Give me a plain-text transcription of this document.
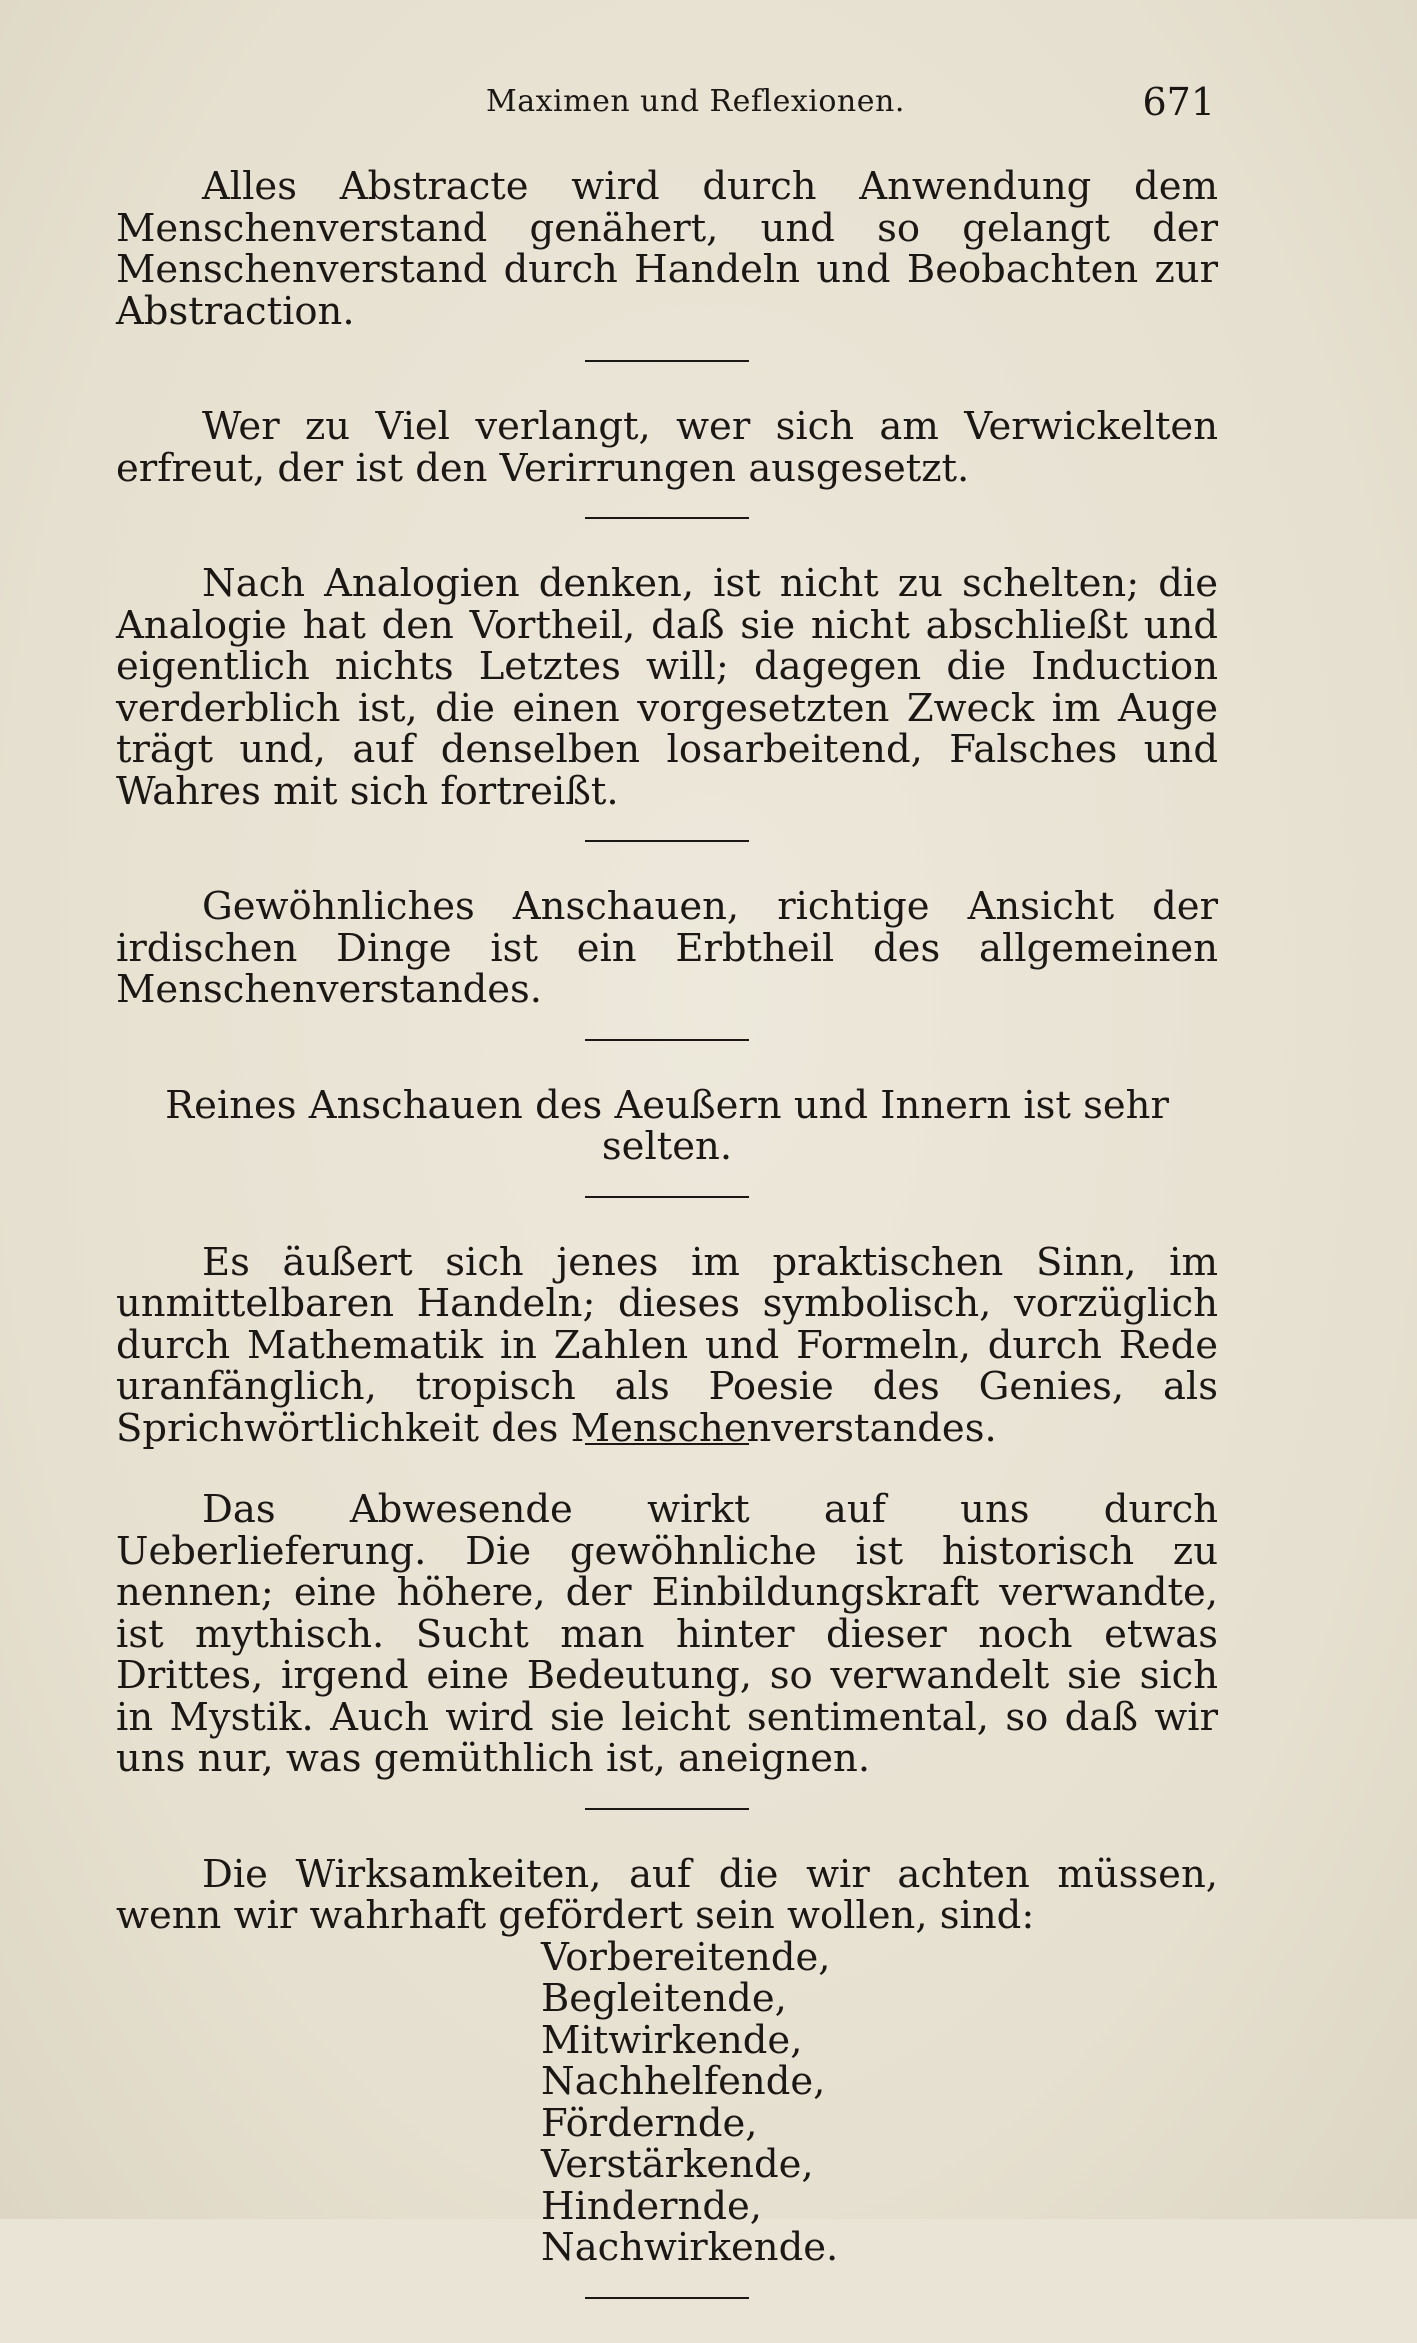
Maximen und Reflexionen.	671

Alles Abstracte wird durch Anwendung dem Menschenverstand genähert, und so gelangt der Menschenverstand durch Handeln und Beobachten zur Abstraction.

Wer zu Viel verlangt, wer sich am Verwickelten erfreut, der ist den Verirrungen ausgesetzt.

Nach Analogien denken, ist nicht zu schelten; die Analogie hat den Vortheil, daß sie nicht abschließt und eigentlich nichts Letztes will; dagegen die Induction verderblich ist, die einen vorgesetzten Zweck im Auge trägt und, auf denselben losarbeitend, Falsches und Wahres mit sich fortreißt.

Gewöhnliches Anschauen, richtige Ansicht der irdischen Dinge ist ein Erbtheil des allgemeinen Menschenverstandes.

Reines Anschauen des Aeußern und Innern ist sehr selten.

Es äußert sich jenes im praktischen Sinn, im unmittelbaren Handeln; dieses symbolisch, vorzüglich durch Mathematik in Zahlen und Formeln, durch Rede uranfänglich, tropisch als Poesie des Genies, als Sprichwörtlichkeit des Menschenverstandes.

Das Abwesende wirkt auf uns durch Ueberlieferung. Die gewöhnliche ist historisch zu nennen; eine höhere, der Einbildungskraft verwandte, ist mythisch. Sucht man hinter dieser noch etwas Drittes, irgend eine Bedeutung, so verwandelt sie sich in Mystik. Auch wird sie leicht sentimental, so daß wir uns nur, was gemüthlich ist, aneignen.

Die Wirksamkeiten, auf die wir achten müssen, wenn wir wahrhaft gefördert sein wollen, sind:

Vorbereitende,
Begleitende,
Mitwirkende,
Nachhelfende,
Fördernde,
Verstärkende,
Hindernde,
Nachwirkende.
